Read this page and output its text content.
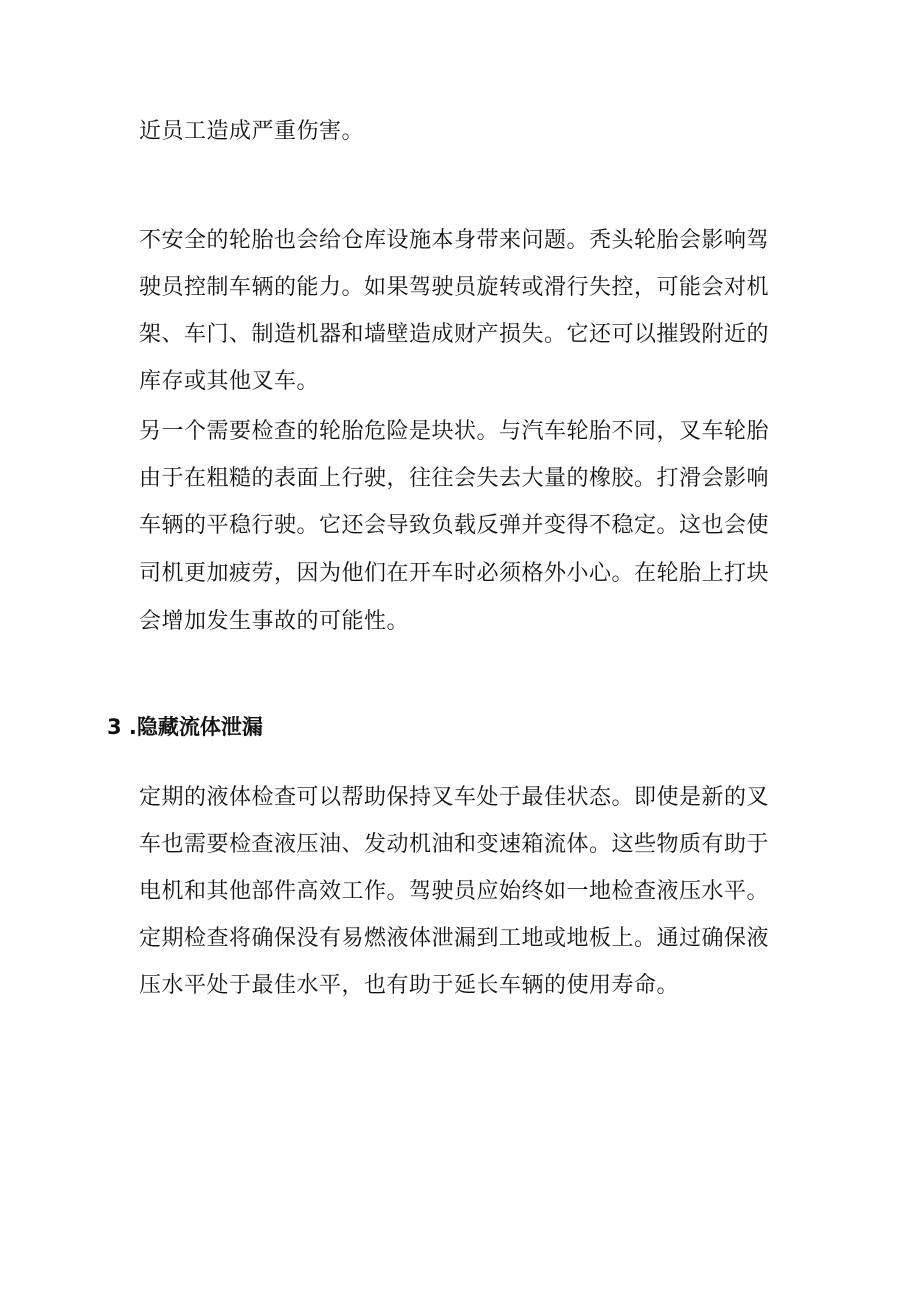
近员工造成严重伤害。
不安全的轮胎也会给仓库设施本身带来问题。秃头轮胎会影响驾
驶员控制车辆的能力。如果驾驶员旋转或滑行失控，可能会对机
架、车门、制造机器和墙壁造成财产损失。它还可以摧毁附近的
库存或其他叉车。
另一个需要检查的轮胎危险是块状。与汽车轮胎不同，叉车轮胎
由于在粗糙的表面上行驶，往往会失去大量的橡胶。打滑会影响
车辆的平稳行驶。它还会导致负载反弹并变得不稳定。这也会使
司机更加疲劳，因为他们在开车时必须格外小心。在轮胎上打块
会增加发生事故的可能性。
3 .隐藏流体泄漏
定期的液体检查可以帮助保持叉车处于最佳状态。即使是新的叉
车也需要检查液压油、发动机油和变速箱流体。这些物质有助于
电机和其他部件高效工作。驾驶员应始终如一地检查液压水平。
定期检查将确保没有易燃液体泄漏到工地或地板上。通过确保液
压水平处于最佳水平，也有助于延长车辆的使用寿命。
